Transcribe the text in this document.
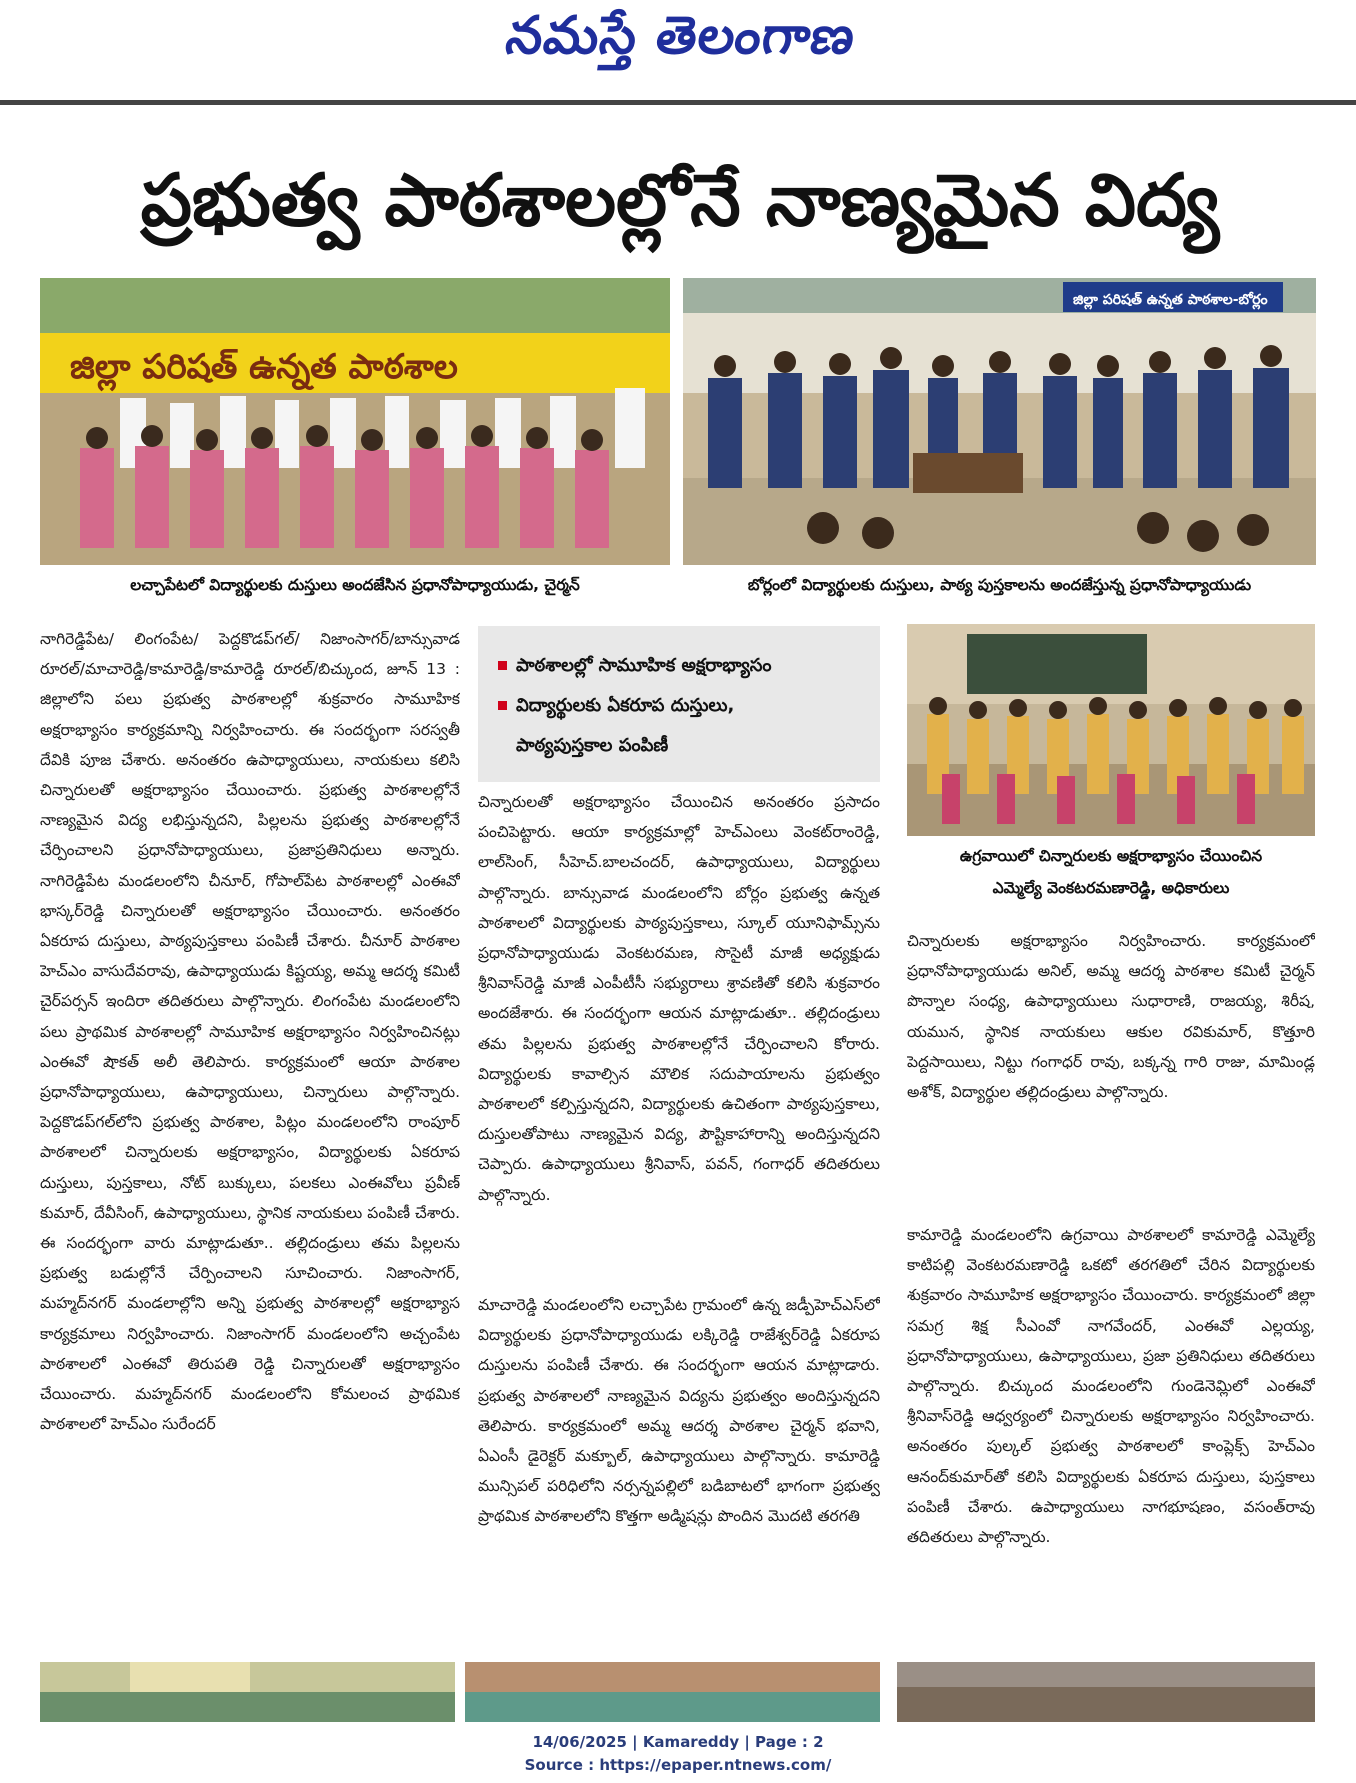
నమస్తే తెలంగాణ
ప్రభుత్వ పాఠశాలల్లోనే నాణ్యమైన విద్య
జిల్లా పరిషత్ ఉన్నత పాఠశాల
లచ్చాపేటలో విద్యార్థులకు దుస్తులు అందజేసిన ప్రధానోపాధ్యాయుడు, చైర్మన్
జిల్లా పరిషత్ ఉన్నత పాఠశాల-బోర్లం
బోర్లంలో విద్యార్థులకు దుస్తులు, పాఠ్య పుస్తకాలను అందజేస్తున్న ప్రధానోపాధ్యాయుడు

నాగిరెడ్డిపేట/ లింగంపేట/ పెద్దకొడప్‌గల్/ నిజాంసాగర్/బాన్సువాడ రూరల్/మాచారెడ్డి/కామారెడ్డి/కామారెడ్డి రూరల్/బిచ్కుంద, జూన్ 13 : జిల్లాలోని పలు ప్రభుత్వ పాఠశాలల్లో శుక్రవారం సామూహిక అక్షరాభ్యాసం కార్యక్రమాన్ని నిర్వహించారు. ఈ సందర్భంగా సరస్వతీ దేవికి పూజ చేశారు. అనంతరం ఉపాధ్యాయులు, నాయకులు కలిసి చిన్నారులతో అక్షరాభ్యాసం చేయించారు. ప్రభుత్వ పాఠశాలల్లోనే నాణ్యమైన విద్య లభిస్తున్నదని, పిల్లలను ప్రభుత్వ పాఠశాలల్లోనే చేర్పించాలని ప్రధానోపాధ్యాయులు, ప్రజాప్రతినిధులు అన్నారు. నాగిరెడ్డిపేట మండలంలోని చీనూర్, గోపాల్‌పేట పాఠశాలల్లో ఎంఈవో భాస్కర్‌రెడ్డి చిన్నారులతో అక్షరాభ్యాసం చేయించారు. అనంతరం ఏకరూప దుస్తులు, పాఠ్యపుస్తకాలు పంపిణీ చేశారు. చీనూర్ పాఠశాల హెచ్‌ఎం వాసుదేవరావు, ఉపాధ్యాయుడు కిష్టయ్య, అమ్మ ఆదర్శ కమిటీ చైర్‌పర్సన్ ఇందిరా తదితరులు పాల్గొన్నారు. లింగంపేట మండలంలోని పలు ప్రాథమిక పాఠశాలల్లో సామూహిక అక్షరాభ్యాసం నిర్వహించినట్లు ఎంఈవో షౌకత్ అలీ తెలిపారు. కార్యక్రమంలో ఆయా పాఠశాల ప్రధానోపాధ్యాయులు, ఉపాధ్యాయులు, చిన్నారులు పాల్గొన్నారు. పెద్దకొడప్‌గల్‌లోని ప్రభుత్వ పాఠశాల, పిట్లం మండలంలోని రాంపూర్ పాఠశాలలో చిన్నారులకు అక్షరాభ్యాసం, విద్యార్థులకు ఏకరూప దుస్తులు, పుస్తకాలు, నోట్ బుక్కులు, పలకలు ఎంఈవోలు ప్రవీణ్ కుమార్, దేవీసింగ్, ఉపాధ్యాయులు, స్థానిక నాయకులు పంపిణీ చేశారు. ఈ సందర్భంగా వారు మాట్లాడుతూ.. తల్లిదండ్రులు తమ పిల్లలను ప్రభుత్వ బడుల్లోనే చేర్పించాలని సూచించారు. నిజాంసాగర్, మహ్మద్‌నగర్ మండలాల్లోని అన్ని ప్రభుత్వ పాఠశాలల్లో అక్షరాభ్యాస కార్యక్రమాలు నిర్వహించారు. నిజాంసాగర్ మండలంలోని అచ్చంపేట పాఠశాలలో ఎంఈవో తిరుపతి రెడ్డి చిన్నారులతో అక్షరాభ్యాసం చేయించారు. మహ్మద్‌నగర్ మండలంలోని కోమలంచ ప్రాథమిక పాఠశాలలో హెచ్‌ఎం సురేందర్

పాఠశాలల్లో సామూహిక అక్షరాభ్యాసం
విద్యార్థులకు ఏకరూప దుస్తులు,
పాఠ్యపుస్తకాల పంపిణీ

చిన్నారులతో అక్షరాభ్యాసం చేయించిన అనంతరం ప్రసాదం పంచిపెట్టారు. ఆయా కార్యక్రమాల్లో హెచ్‌ఎంలు వెంకట్‌రాంరెడ్డి, లాల్‌సింగ్, సీహెచ్.బాలచందర్, ఉపాధ్యాయులు, విద్యార్థులు పాల్గొన్నారు. బాన్సువాడ మండలంలోని బోర్లం ప్రభుత్వ ఉన్నత పాఠశాలలో విద్యార్థులకు పాఠ్యపుస్తకాలు, స్కూల్ యూనిఫామ్స్‌ను ప్రధానోపాధ్యాయుడు వెంకటరమణ, సొసైటీ మాజీ అధ్యక్షుడు శ్రీనివాస్‌రెడ్డి మాజీ ఎంపీటీసీ సభ్యురాలు శ్రావణితో కలిసి శుక్రవారం అందజేశారు. ఈ సందర్భంగా ఆయన మాట్లాడుతూ.. తల్లిదండ్రులు తమ పిల్లలను ప్రభుత్వ పాఠశాలల్లోనే చేర్పించాలని కోరారు. విద్యార్థులకు కావాల్సిన మౌలిక సదుపాయాలను ప్రభుత్వం పాఠశాలలో కల్పిస్తున్నదని, విద్యార్థులకు ఉచితంగా పాఠ్యపుస్తకాలు, దుస్తులతోపాటు నాణ్యమైన విద్య, పౌష్టికాహారాన్ని అందిస్తున్నదని చెప్పారు. ఉపాధ్యాయులు శ్రీనివాస్, పవన్, గంగాధర్ తదితరులు పాల్గొన్నారు.

మాచారెడ్డి మండలంలోని లచ్చాపేట గ్రామంలో ఉన్న జడ్పీహెచ్‌ఎస్‌లో విద్యార్థులకు ప్రధానోపాధ్యాయుడు లక్కిరెడ్డి రాజేశ్వర్‌రెడ్డి ఏకరూప దుస్తులను పంపిణీ చేశారు. ఈ సందర్భంగా ఆయన మాట్లాడారు. ప్రభుత్వ పాఠశాలలో నాణ్యమైన విద్యను ప్రభుత్వం అందిస్తున్నదని తెలిపారు. కార్యక్రమంలో అమ్మ ఆదర్శ పాఠశాల చైర్మన్ భవాని, ఏఎంసీ డైరెక్టర్ మక్బూల్, ఉపాధ్యాయులు పాల్గొన్నారు. కామారెడ్డి మున్సిపల్ పరిధిలోని నర్సన్నపల్లిలో బడిబాటలో భాగంగా ప్రభుత్వ ప్రాథమిక పాఠశాలలోని కొత్తగా అడ్మిషన్లు పొందిన మొదటి తరగతి

ఉగ్రవాయిలో చిన్నారులకు అక్షరాభ్యాసం చేయించిన
ఎమ్మెల్యే వెంకటరమణారెడ్డి, అధికారులు

చిన్నారులకు అక్షరాభ్యాసం నిర్వహించారు. కార్యక్రమంలో ప్రధానోపాధ్యాయుడు అనిల్, అమ్మ ఆదర్శ పాఠశాల కమిటీ చైర్మన్ పొన్నాల సంధ్య, ఉపాధ్యాయులు సుధారాణి, రాజయ్య, శిరీష, యమున, స్థానిక నాయకులు ఆకుల రవికుమార్, కొత్తూరి పెద్దసాయిలు, నిట్టు గంగాధర్ రావు, బక్కన్న గారి రాజు, మామిండ్ల అశోక్, విద్యార్థుల తల్లిదండ్రులు పాల్గొన్నారు.

కామారెడ్డి మండలంలోని ఉగ్రవాయి పాఠశాలలో కామారెడ్డి ఎమ్మెల్యే కాటిపల్లి వెంకటరమణారెడ్డి ఒకటో తరగతిలో చేరిన విద్యార్థులకు శుక్రవారం సామూహిక అక్షరాభ్యాసం చేయించారు. కార్యక్రమంలో జిల్లా సమగ్ర శిక్ష సీఎంవో నాగవేందర్, ఎంఈవో ఎల్లయ్య, ప్రధానోపాధ్యాయులు, ఉపాధ్యాయులు, ప్రజా ప్రతినిధులు తదితరులు పాల్గొన్నారు. బిచ్కుంద మండలంలోని గుండెనెమ్లిలో ఎంఈవో శ్రీనివాస్‌రెడ్డి ఆధ్వర్యంలో చిన్నారులకు అక్షరాభ్యాసం నిర్వహించారు. అనంతరం పుల్కల్ ప్రభుత్వ పాఠశాలలో కాంప్లెక్స్ హెచ్‌ఎం ఆనంద్‌కుమార్‌తో కలిసి విద్యార్థులకు ఏకరూప దుస్తులు, పుస్తకాలు పంపిణీ చేశారు. ఉపాధ్యాయులు నాగభూషణం, వసంత్‌రావు తదితరులు పాల్గొన్నారు.

14/06/2025 | Kamareddy | Page : 2
Source : https://epaper.ntnews.com/
